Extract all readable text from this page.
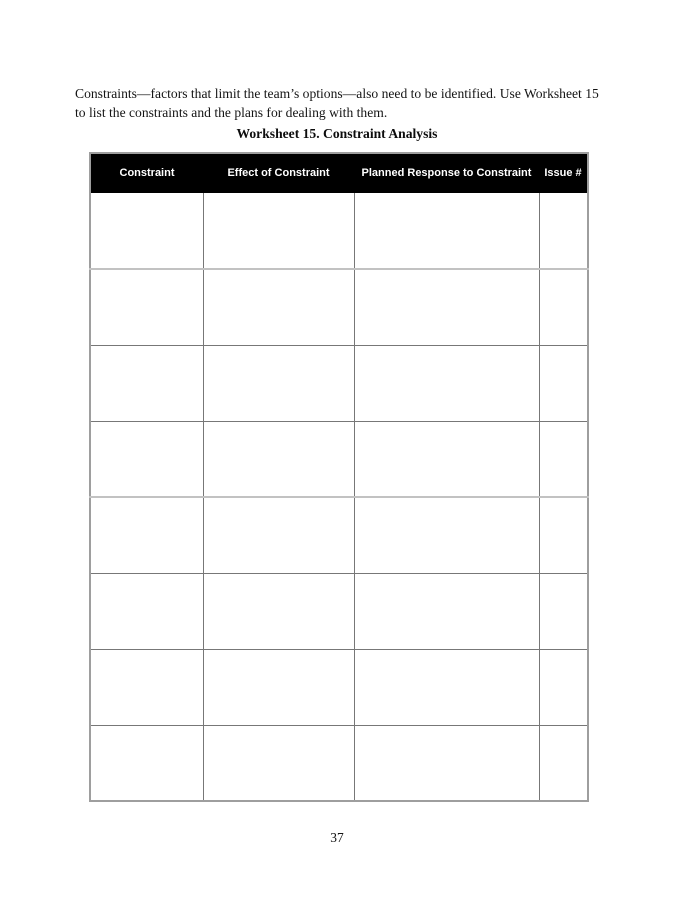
Constraints—factors that limit the team’s options—also need to be identified. Use Worksheet 15 to list the constraints and the plans for dealing with them.

Worksheet 15. Constraint Analysis
Constraint	Effect of Constraint	Planned Response to Constraint	Issue #

37
